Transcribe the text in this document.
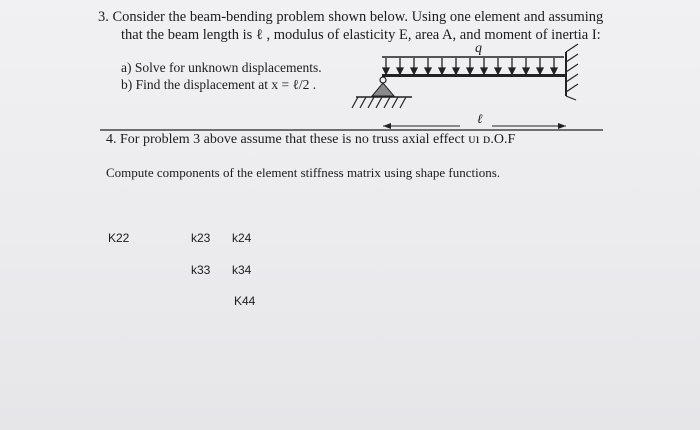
3. Consider the beam-bending problem shown below. Using one element and assuming
that the beam length is ℓ , modulus of elasticity E, area A, and moment of inertia I:
a) Solve for unknown displacements.
b) Find the displacement at x = ℓ/2 .
q
ℓ
4. For problem 3 above assume that these is no truss axial effect ᴜı ᴅ.O.F
Compute components of the element stiffness matrix using shape functions.
K22	k23 k24
k33 k34
K44
